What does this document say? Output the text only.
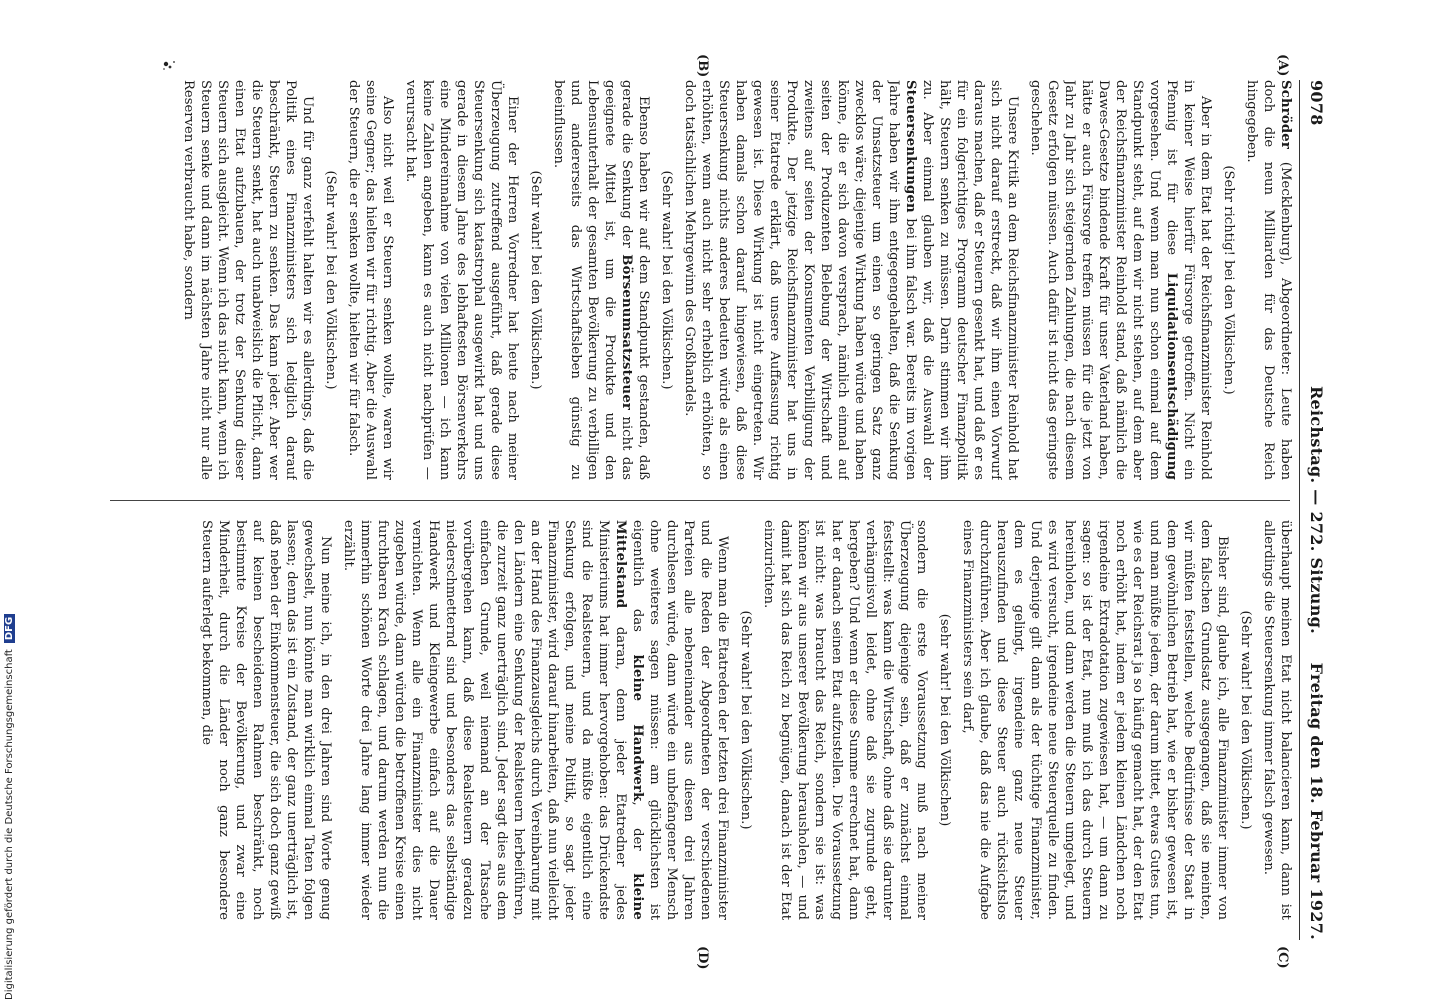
9078
Reichstag. — 272. Sitzung.
Freitag den 18. Februar 1927.
(A)
(B)
(C)
(D)

Schröder (Mecklenburg), Abgeordneter: Leute haben doch die neun Milliarden für das Deutsche Reich hingegeben.

(Sehr richtig! bei den Völkischen.)

Aber in dem Etat hat der Reichsfinanzminister Reinhold in keiner Weise hierfür Fürsorge getroffen. Nicht ein Pfennig ist für diese Liquidationsentschädigung vorgesehen. Und wenn man nun schon einmal auf dem Standpunkt steht, auf dem wir nicht stehen, auf dem aber der Reichsfinanzminister Reinhold stand, daß nämlich die Dawes-Gesetze bindende Kraft für unser Vaterland haben, hätte er auch Fürsorge treffen müssen für die jetzt von Jahr zu Jahr sich steigernden Zahlungen, die nach diesem Gesetz erfolgen müssen. Auch dafür ist nicht das geringste geschehen.

Unsere Kritik an dem Reichsfinanzminister Reinhold hat sich nicht darauf erstreckt, daß wir ihm einen Vorwurf daraus machen, daß er Steuern gesenkt hat, und daß er es für ein folgerichtiges Programm deutscher Finanzpolitik hält, Steuern senken zu müssen. Darin stimmen wir ihm zu. Aber einmal glauben wir, daß die Auswahl der Steuersenkungen bei ihm falsch war. Bereits im vorigen Jahre haben wir ihm entgegengehalten, daß die Senkung der Umsatzsteuer um einen so geringen Satz ganz zwecklos wäre; diejenige Wirkung haben würde und haben könne, die er sich davon versprach, nämlich einmal auf seiten der Produzenten Belebung der Wirtschaft und zweitens auf seiten der Konsumenten Verbilligung der Produkte. Der jetzige Reichsfinanzminister hat uns in seiner Etatrede erklärt, daß unsere Auffassung richtig gewesen ist. Diese Wirkung ist nicht eingetreten. Wir haben damals schon darauf hingewiesen, daß diese Steuersenkung nichts anderes bedeuten würde als einen erhöhten, wenn auch nicht sehr erheblich erhöhten, so doch tatsächlichen Mehrgewinn des Großhandels.

(Sehr wahr! bei den Völkischen.)

Ebenso haben wir auf dem Standpunkt gestanden, daß gerade die Senkung der Börsenumsatzsteuer nicht das geeignete Mittel ist, um die Produkte und den Lebensunterhalt der gesamten Bevölkerung zu verbilligen und andererseits das Wirtschaftsleben günstig zu beeinflussen.

(Sehr wahr! bei den Völkischen.)

Einer der Herren Vorredner hat heute nach meiner Überzeugung zutreffend ausgeführt, daß gerade diese Steuersenkung sich katastrophal ausgewirkt hat und uns gerade in diesem Jahre des lebhaftesten Börsenverkehrs eine Mindereinnahme von vielen Millionen — ich kann keine Zahlen angeben, kann es auch nicht nachprüfen — verursacht hat.

Also nicht weil er Steuern senken wollte, waren wir seine Gegner; das hielten wir für richtig. Aber die Auswahl der Steuern, die er senken wollte, hielten wir für falsch.

(Sehr wahr! bei den Völkischen.)

Und für ganz verfehlt halten wir es allerdings, daß die Politik eines Finanzministers sich lediglich darauf beschränkt, Steuern zu senken. Das kann jeder. Aber wer die Steuern senkt, hat auch unabweislich die Pflicht, dann einen Etat aufzubauen, der trotz der Senkung dieser Steuern sich ausgleicht. Wenn ich das nicht kann, wenn ich Steuern senke und dann im nächsten Jahre nicht nur alle Reserven verbraucht habe, sondern

überhaupt meinen Etat nicht balancieren kann, dann ist allerdings die Steuersenkung immer falsch gewesen.

(Sehr wahr! bei den Völkischen.)

Bisher sind, glaube ich, alle Finanzminister immer von dem falschen Grundsatz ausgegangen, daß sie meinten, wir müßten feststellen, welche Bedürfnisse der Staat in dem gewöhnlichen Betrieb hat, wie er bisher gewesen ist, und man müßte jedem, der darum bittet, etwas Gutes tun, wie es der Reichsrat ja so häufig gemacht hat, der den Etat noch erhöht hat, indem er jedem kleinen Ländchen noch irgendeine Extradotation zugewiesen hat, — um dann zu sagen: so ist der Etat, nun muß ich das durch Steuern hereinholen, und dann werden die Steuern umgelegt, und es wird versucht, irgendeine neue Steuerquelle zu finden. Und derjenige gilt dann als der tüchtige Finanzminister, dem es gelingt, irgendeine ganz neue Steuer herauszufinden und diese Steuer auch rücksichtslos durchzuführen. Aber ich glaube, daß das nie die Aufgabe eines Finanzministers sein darf,

(sehr wahr! bei den Völkischen)

sondern die erste Voraussetzung muß nach meiner Überzeugung diejenige sein, daß er zunächst einmal feststellt: was kann die Wirtschaft, ohne daß sie darunter verhängnisvoll leidet, ohne daß sie zugrunde geht, hergeben? Und wenn er diese Summe errechnet hat, dann hat er danach seinen Etat aufzustellen. Die Voraussetzung ist nicht: was braucht das Reich, sondern sie ist: was können wir aus unserer Bevölkerung herausholen, — und damit hat sich das Reich zu begnügen, danach ist der Etat einzurichten.

(Sehr wahr! bei den Völkischen.)

Wenn man die Etatreden der letzten drei Finanzminister und die Reden der Abgeordneten der verschiedenen Parteien alle nebeneinander aus diesen drei Jahren durchlesen würde, dann würde ein unbefangener Mensch ohne weiteres sagen müssen: am glücklichsten ist eigentlich das kleine Handwerk, der kleine Mittelstand daran, denn jeder Etatredner jedes Ministeriums hat immer hervorgehoben: das Drückendste sind die Realsteuern, und da müßte eigentlich eine Senkung erfolgen, und meine Politik, so sagt jeder Finanzminister, wird darauf hinarbeiten, daß nun vielleicht an der Hand des Finanzausgleichs durch Vereinbarung mit den Ländern eine Senkung der Realsteuern herbeiführen, die zurzeit ganz unerträglich sind. Jeder sagt dies aus dem einfachen Grunde, weil niemand an der Tatsache vorübergehen kann, daß diese Realsteuern geradezu niederschmetternd sind und besonders das selbständige Handwerk und Kleingewerbe einfach auf die Dauer vernichten. Wenn alle ein Finanzminister dies nicht zugeben würde, dann würden die betroffenen Kreise einen furchtbaren Krach schlagen, und darum werden nun die immerhin schönen Worte drei Jahre lang immer wieder erzählt.

Nun meine ich, in den drei Jahren sind Worte genug gewechselt, nun könnte man wirklich einmal Taten folgen lassen; denn das ist ein Zustand, der ganz unerträglich ist, daß neben der Einkommensteuer, die sich doch ganz gewiß auf keinen bescheidenen Rahmen beschränkt, noch bestimmte Kreise der Bevölkerung, und zwar eine Minderheit, durch die Länder noch ganz besondere Steuern auferlegt bekommen, die

Digitalisierung gefördert durch die Deutsche ForschungsgemeinschaftDFG
